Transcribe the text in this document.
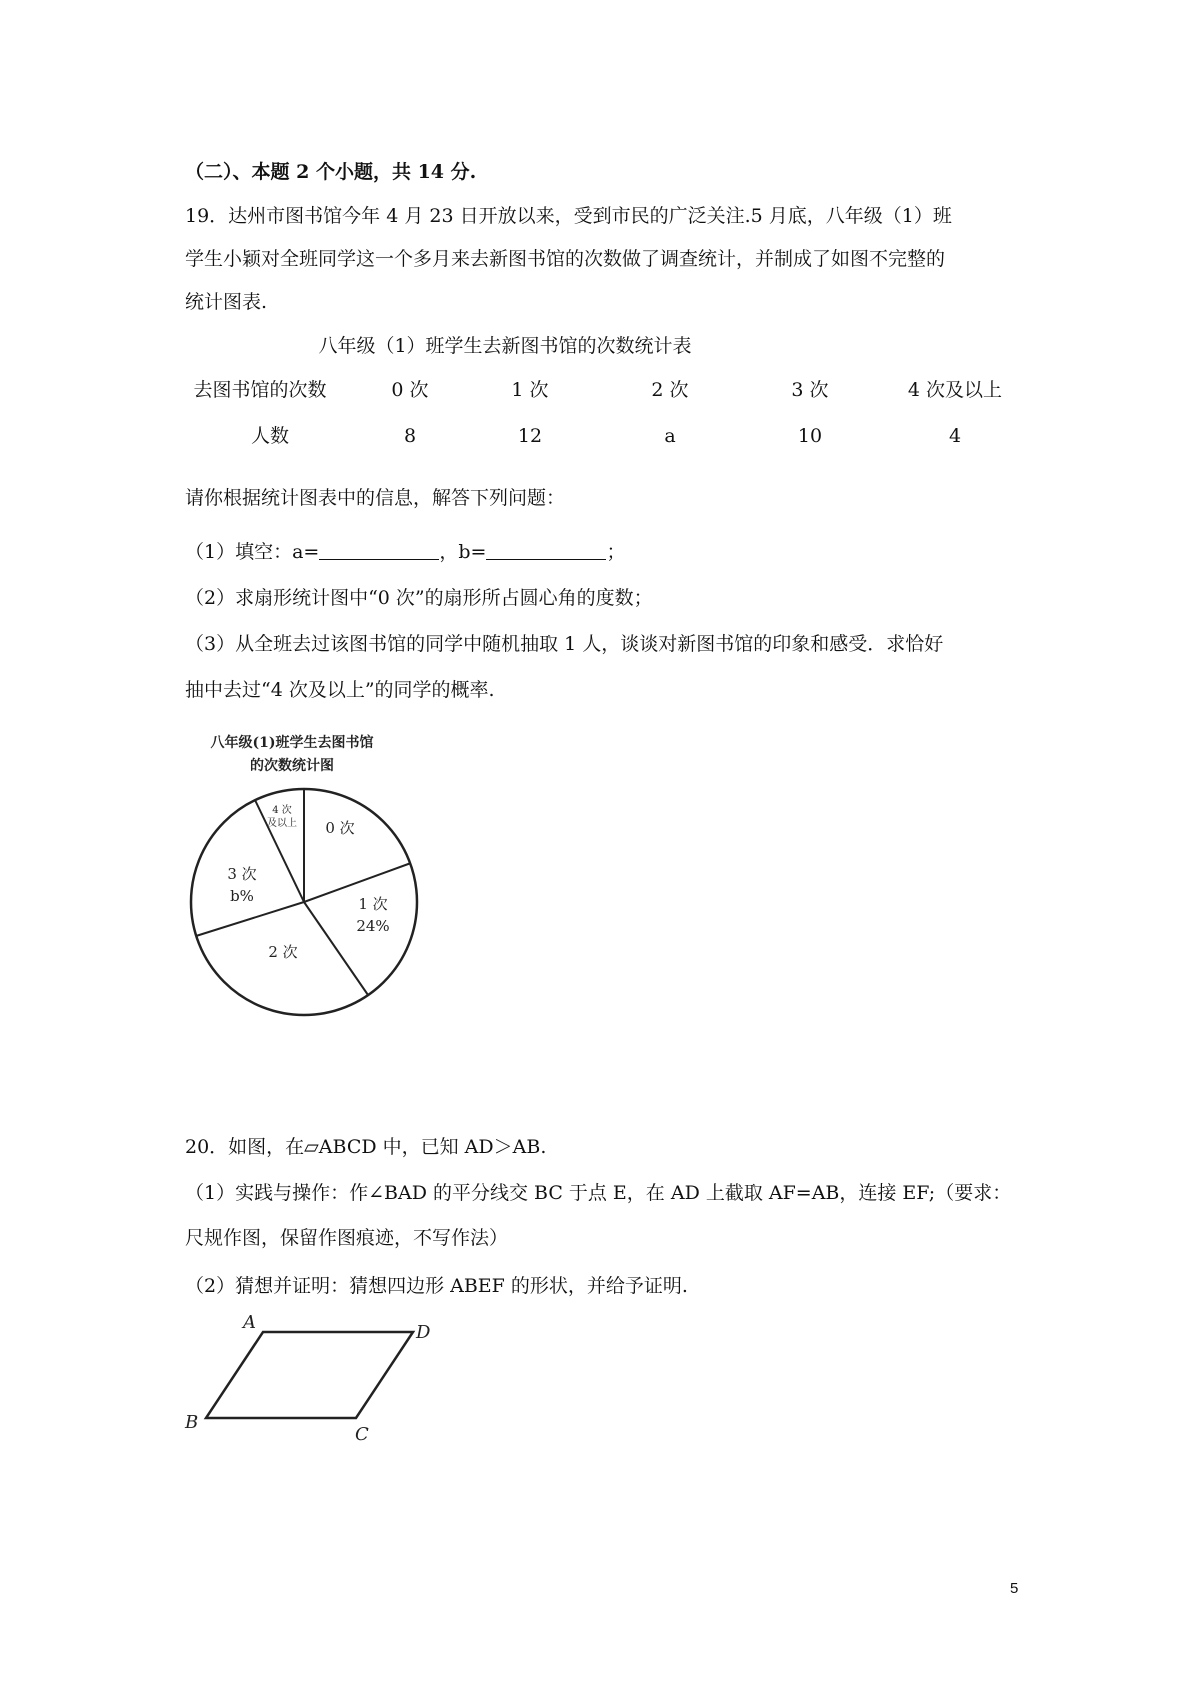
（二）、本题 2 个小题，共 14 分.
19．达州市图书馆今年 4 月 23 日开放以来，受到市民的广泛关注.5 月底，八年级（1）班
学生小颖对全班同学这一个多月来去新图书馆的次数做了调查统计，并制成了如图不完整的
统计图表.
八年级（1）班学生去新图书馆的次数统计表
去图书馆的次数	0 次	1 次	2 次	3 次	4 次及以上
人数	8	12	a	10	4
请你根据统计图表中的信息，解答下列问题：
（1）填空：a=	，b=	；
（2）求扇形统计图中“0 次”的扇形所占圆心角的度数；
（3）从全班去过该图书馆的同学中随机抽取 1 人，谈谈对新图书馆的印象和感受．求恰好
抽中去过“4 次及以上”的同学的概率.
八年级(1)班学生去图书馆
的次数统计图
0 次
1 次
24%
2 次
3 次
b%
4 次
及以上
20．如图，在▱ABCD 中，已知 AD＞AB.
（1）实践与操作：作∠BAD 的平分线交 BC 于点 E，在 AD 上截取 AF=AB，连接 EF;（要求：
尺规作图，保留作图痕迹，不写作法）
（2）猜想并证明：猜想四边形 ABEF 的形状，并给予证明.
A	D
B
C
5
